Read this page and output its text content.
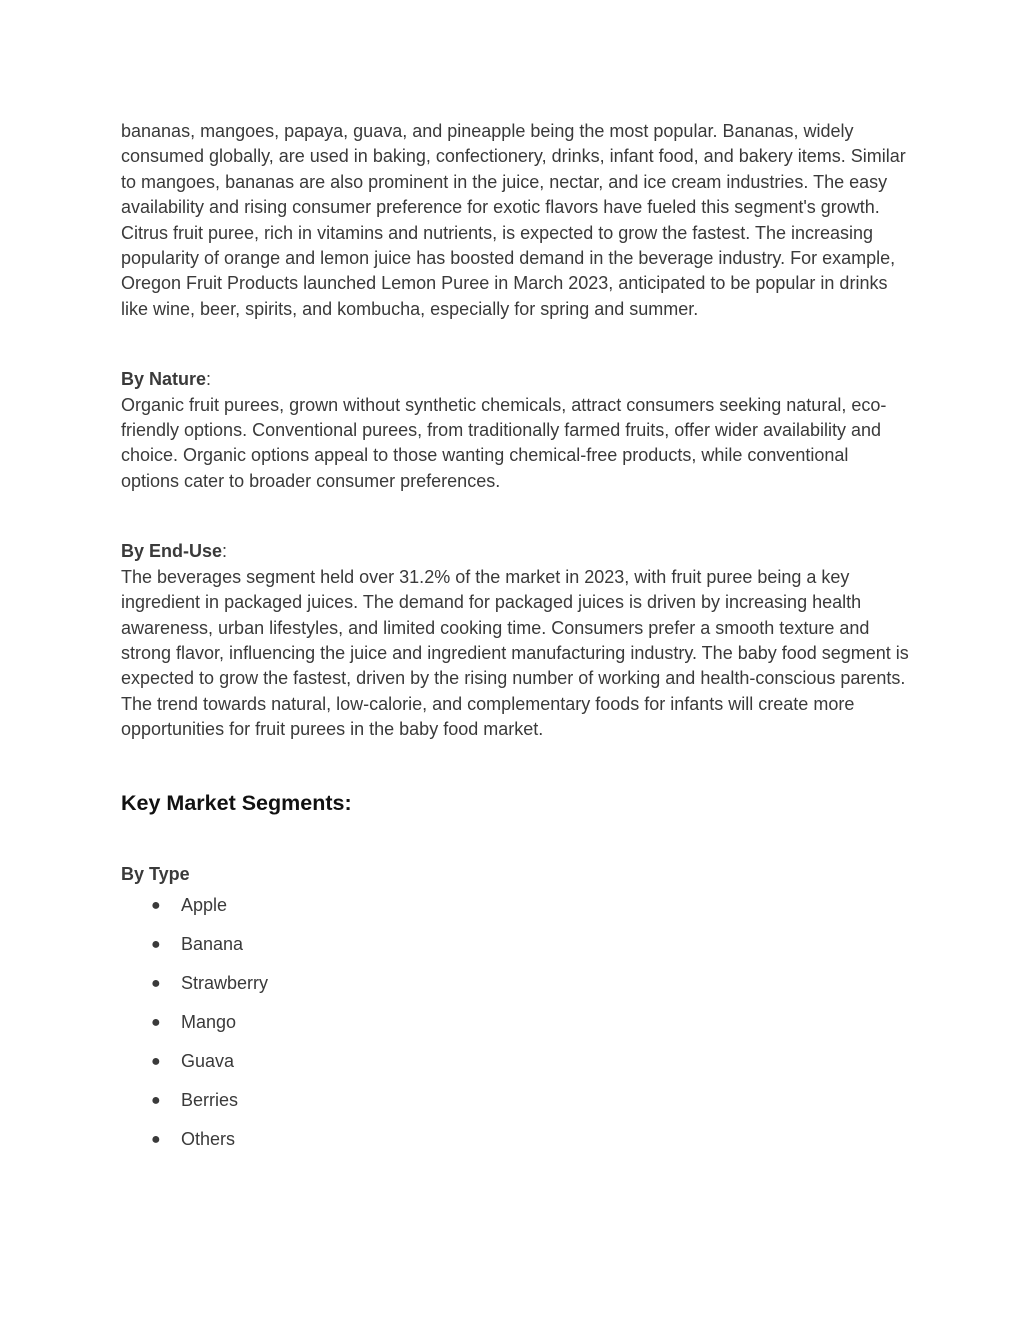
bananas, mangoes, papaya, guava, and pineapple being the most popular. Bananas, widely consumed globally, are used in baking, confectionery, drinks, infant food, and bakery items. Similar to mangoes, bananas are also prominent in the juice, nectar, and ice cream industries. The easy availability and rising consumer preference for exotic flavors have fueled this segment's growth. Citrus fruit puree, rich in vitamins and nutrients, is expected to grow the fastest. The increasing popularity of orange and lemon juice has boosted demand in the beverage industry. For example, Oregon Fruit Products launched Lemon Puree in March 2023, anticipated to be popular in drinks like wine, beer, spirits, and kombucha, especially for spring and summer.

By Nature:

Organic fruit purees, grown without synthetic chemicals, attract consumers seeking natural, eco-friendly options. Conventional purees, from traditionally farmed fruits, offer wider availability and choice. Organic options appeal to those wanting chemical-free products, while conventional options cater to broader consumer preferences.

By End-Use:

The beverages segment held over 31.2% of the market in 2023, with fruit puree being a key ingredient in packaged juices. The demand for packaged juices is driven by increasing health awareness, urban lifestyles, and limited cooking time. Consumers prefer a smooth texture and strong flavor, influencing the juice and ingredient manufacturing industry. The baby food segment is expected to grow the fastest, driven by the rising number of working and health-conscious parents. The trend towards natural, low-calorie, and complementary foods for infants will create more opportunities for fruit purees in the baby food market.

Key Market Segments:
By Type
● Apple
● Banana
● Strawberry
● Mango
● Guava
● Berries
● Others
